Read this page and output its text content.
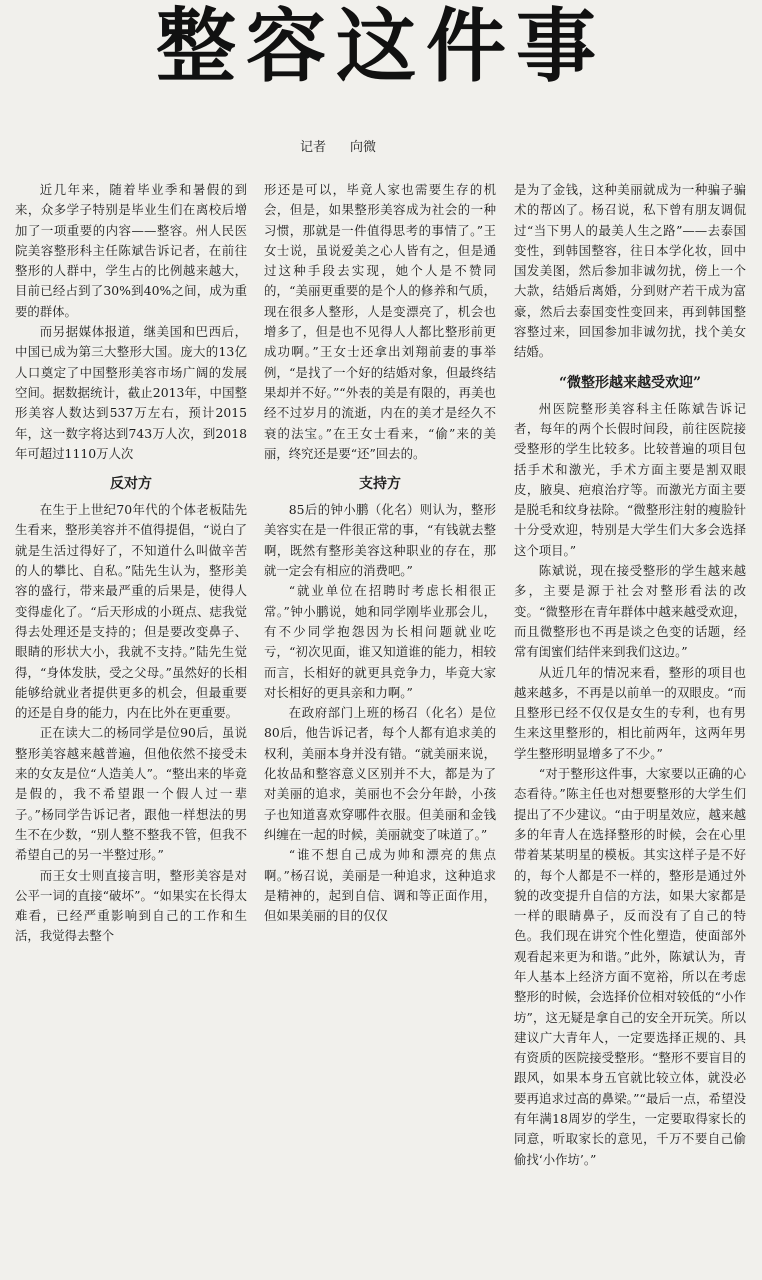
整容这件事
记者 向微

近几年来，随着毕业季和暑假的到来，众多学子特别是毕业生们在离校后增加了一项重要的内容——整容。州人民医院美容整形科主任陈斌告诉记者，在前往整形的人群中，学生占的比例越来越大，目前已经占到了30%到40%之间，成为重要的群体。

而另据媒体报道，继美国和巴西后，中国已成为第三大整形大国。庞大的13亿人口奠定了中国整形美容市场广阔的发展空间。据数据统计，截止2013年，中国整形美容人数达到537万左右，预计2015年，这一数字将达到743万人次，到2018年可超过1110万人次

反对方

在生于上世纪70年代的个体老板陆先生看来，整形美容并不值得提倡，“说白了就是生活过得好了，不知道什么叫做辛苦的人的攀比、自私。”陆先生认为，整形美容的盛行，带来最严重的后果是，使得人变得虚化了。“后天形成的小斑点、痣我觉得去处理还是支持的；但是要改变鼻子、眼睛的形状大小，我就不支持。”陆先生觉得，“身体发肤，受之父母。”虽然好的长相能够给就业者提供更多的机会，但最重要的还是自身的能力，内在比外在更重要。

正在读大二的杨同学是位90后，虽说整形美容越来越普遍，但他依然不接受未来的女友是位“人造美人”。“整出来的毕竟是假的，我不希望跟一个假人过一辈子。”杨同学告诉记者，跟他一样想法的男生不在少数，“别人整不整我不管，但我不希望自己的另一半整过形。”

而王女士则直接言明，整形美容是对公平一词的直接“破坏”。“如果实在长得太难看，已经严重影响到自己的工作和生活，我觉得去整个

形还是可以，毕竟人家也需要生存的机会，但是，如果整形美容成为社会的一种习惯，那就是一件值得思考的事情了。”王女士说，虽说爱美之心人皆有之，但是通过这种手段去实现，她个人是不赞同的，“美丽更重要的是个人的修养和气质，现在很多人整形，人是变漂亮了，机会也增多了，但是也不见得人人都比整形前更成功啊。”王女士还拿出刘翔前妻的事举例，“是找了一个好的结婚对象，但最终结果却并不好。”“外表的美是有限的，再美也经不过岁月的流逝，内在的美才是经久不衰的法宝。”在王女士看来，“偷”来的美丽，终究还是要“还”回去的。

支持方

85后的钟小鹏（化名）则认为，整形美容实在是一件很正常的事，“有钱就去整啊，既然有整形美容这种职业的存在，那就一定会有相应的消费吧。”

“就业单位在招聘时考虑长相很正常。”钟小鹏说，她和同学刚毕业那会儿，有不少同学抱怨因为长相问题就业吃亏，“初次见面，谁又知道谁的能力，相较而言，长相好的就更具竞争力，毕竟大家对长相好的更具亲和力啊。”

在政府部门上班的杨召（化名）是位80后，他告诉记者，每个人都有追求美的权利，美丽本身并没有错。“就美丽来说，化妆品和整容意义区别并不大，都是为了对美丽的追求，美丽也不会分年龄，小孩子也知道喜欢穿哪件衣服。但美丽和金钱纠缠在一起的时候，美丽就变了味道了。”

“谁不想自己成为帅和漂亮的焦点啊。”杨召说，美丽是一种追求，这种追求是精神的，起到自信、调和等正面作用，但如果美丽的目的仅仅

是为了金钱，这种美丽就成为一种骗子骗术的帮凶了。杨召说，私下曾有朋友调侃过“当下男人的最美人生之路”——去泰国变性，到韩国整容，往日本学化妆，回中国发美图，然后参加非诚勿扰，傍上一个大款，结婚后离婚，分到财产若干成为富豪，然后去泰国变性变回来，再到韩国整容整过来，回国参加非诚勿扰，找个美女结婚。

“微整形越来越受欢迎”

州医院整形美容科主任陈斌告诉记者，每年的两个长假时间段，前往医院接受整形的学生比较多。比较普遍的项目包括手术和激光，手术方面主要是割双眼皮，腋臭、疤痕治疗等。而激光方面主要是脱毛和纹身祛除。“微整形注射的瘦脸针十分受欢迎，特别是大学生们大多会选择这个项目。”

陈斌说，现在接受整形的学生越来越多，主要是源于社会对整形看法的改变。“微整形在青年群体中越来越受欢迎，而且微整形也不再是谈之色变的话题，经常有闺蜜们结伴来到我们这边。”

从近几年的情况来看，整形的项目也越来越多，不再是以前单一的双眼皮。“而且整形已经不仅仅是女生的专利，也有男生来这里整形的，相比前两年，这两年男学生整形明显增多了不少。”

“对于整形这件事，大家要以正确的心态看待。”陈主任也对想要整形的大学生们提出了不少建议。“由于明星效应，越来越多的年青人在选择整形的时候，会在心里带着某某明星的模板。其实这样子是不好的，每个人都是不一样的，整形是通过外貌的改变提升自信的方法，如果大家都是一样的眼睛鼻子，反而没有了自己的特色。我们现在讲究个性化塑造，使面部外观看起来更为和谐。”此外，陈斌认为，青年人基本上经济方面不宽裕，所以在考虑整形的时候，会选择价位相对较低的“小作坊”，这无疑是拿自己的安全开玩笑。所以建议广大青年人，一定要选择正规的、具有资质的医院接受整形。“整形不要盲目的跟风，如果本身五官就比较立体，就没必要再追求过高的鼻梁。”“最后一点，希望没有年满18周岁的学生，一定要取得家长的同意，听取家长的意见，千万不要自己偷偷找‘小作坊’。”
